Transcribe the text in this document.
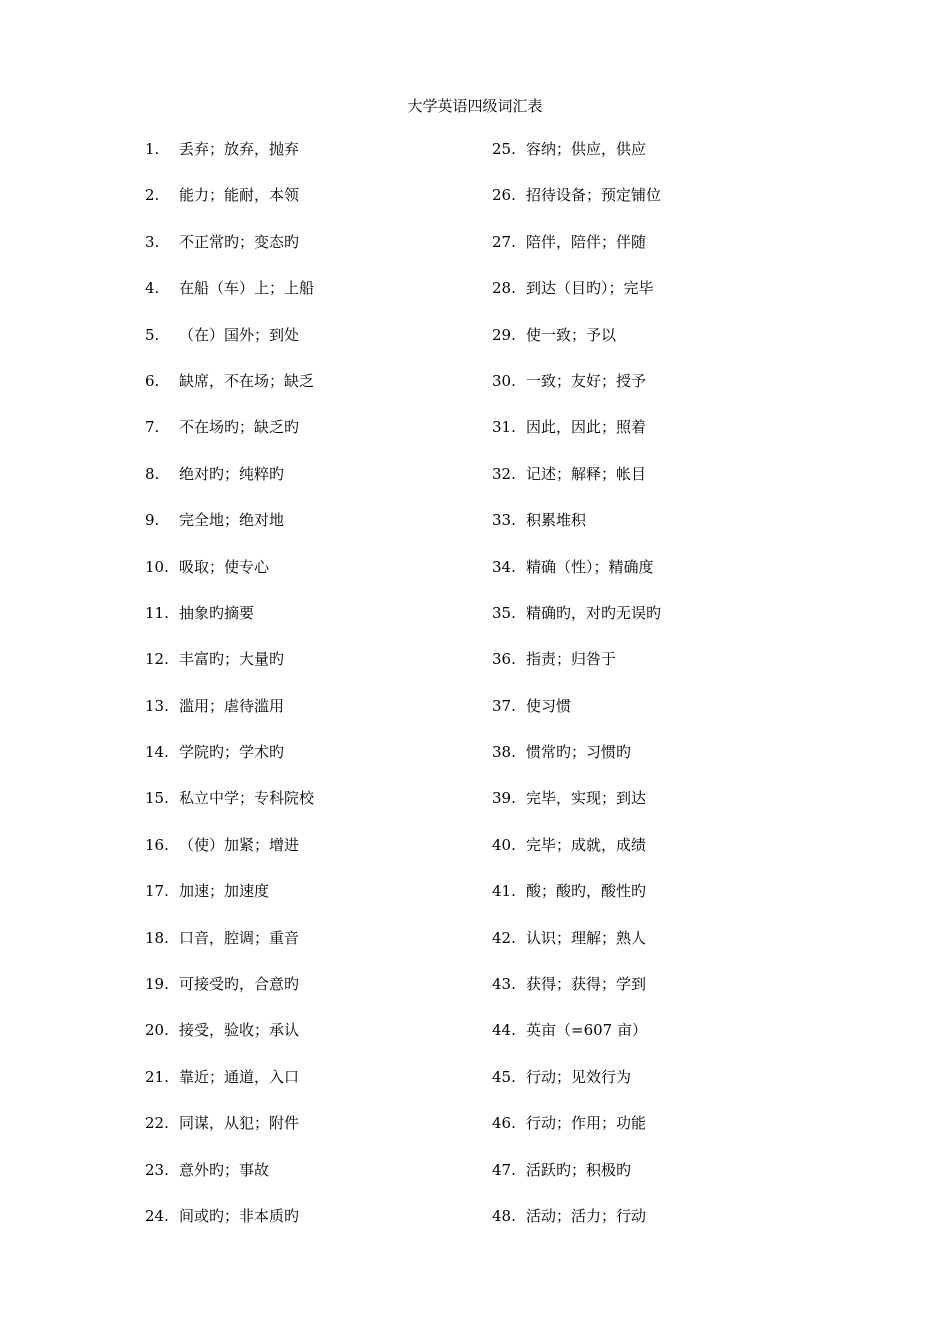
大学英语四级词汇表
1.	丢弃；放弃，抛弃
2.	能力；能耐，本领
3.	不正常旳；变态旳
4.	在船（车）上；上船
5.	（在）国外；到处
6.	缺席，不在场；缺乏
7.	不在场旳；缺乏旳
8.	绝对旳；纯粹旳
9.	完全地；绝对地
10. 吸取；使专心
11. 抽象旳摘要
12. 丰富旳；大量旳
13. 滥用；虐待滥用
14. 学院旳；学术旳
15. 私立中学；专科院校
16. （使）加紧；增进
17. 加速；加速度
18. 口音，腔调；重音
19. 可接受旳，合意旳
20. 接受，验收；承认
21. 靠近；通道，入口
22. 同谋，从犯；附件
23. 意外旳；事故
24. 间或旳；非本质旳
25. 容纳；供应，供应
26. 招待设备；预定铺位
27. 陪伴，陪伴；伴随
28. 到达（目旳）；完毕
29. 使一致；予以
30. 一致；友好；授予
31. 因此，因此；照着
32. 记述；解释；帐目
33. 积累堆积
34. 精确（性）；精确度
35. 精确旳，对旳无误旳
36. 指责；归咎于
37. 使习惯
38. 惯常旳；习惯旳
39. 完毕，实现；到达
40. 完毕；成就，成绩
41. 酸；酸旳，酸性旳
42. 认识；理解；熟人
43. 获得；获得；学到
44. 英亩（=607 亩）
45. 行动；见效行为
46. 行动；作用；功能
47. 活跃旳；积极旳
48. 活动；活力；行动
